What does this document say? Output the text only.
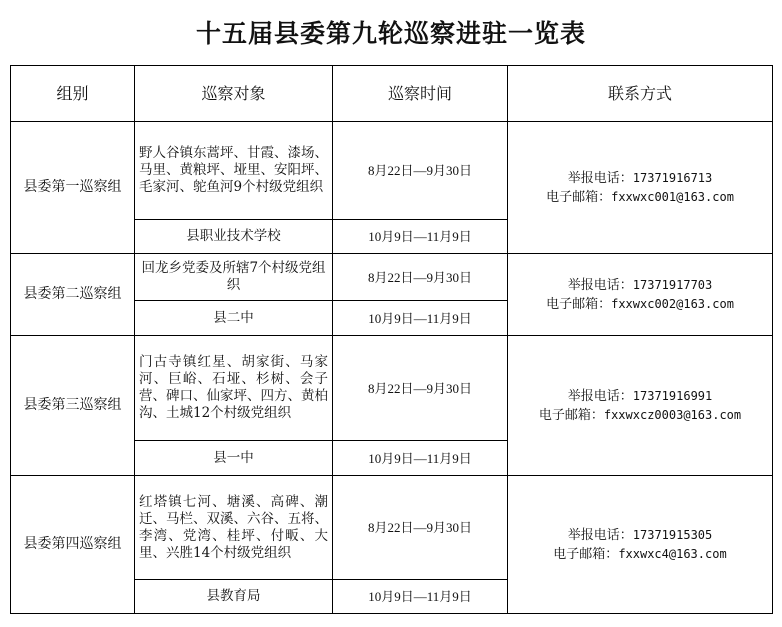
十五届县委第九轮巡察进驻一览表
组别	巡察对象	巡察时间	联系方式
县委第一巡察组	野人谷镇东蒿坪、甘霞、漆场、马里、黄粮坪、垭里、安阳坪、毛家河、鸵鱼河9个村级党组织	8月22日—9月30日	举报电话：17371916713
电子邮箱：fxxwxc001@163.com

	县职业技术学校	10月9日—11月9日	
县委第二巡察组	回龙乡党委及所辖7个村级党组织	8月22日—9月30日	举报电话：17371917703
电子邮箱：fxxwxc002@163.com

	县二中	10月9日—11月9日	
县委第三巡察组	门古寺镇红星、胡家街、马家河、巨峪、石垭、杉树、会子营、碑口、仙家坪、四方、黄柏沟、土城12个村级党组织	8月22日—9月30日	举报电话：17371916991
电子邮箱：fxxwxcz0003@163.com

	县一中	10月9日—11月9日	
县委第四巡察组	红塔镇七河、塘溪、高碑、潮迁、马栏、双溪、六谷、五将、李湾、党湾、桂坪、付畈、大里、兴胜14个村级党组织	8月22日—9月30日	举报电话：17371915305
电子邮箱：fxxwxc4@163.com

	县教育局	10月9日—11月9日	
